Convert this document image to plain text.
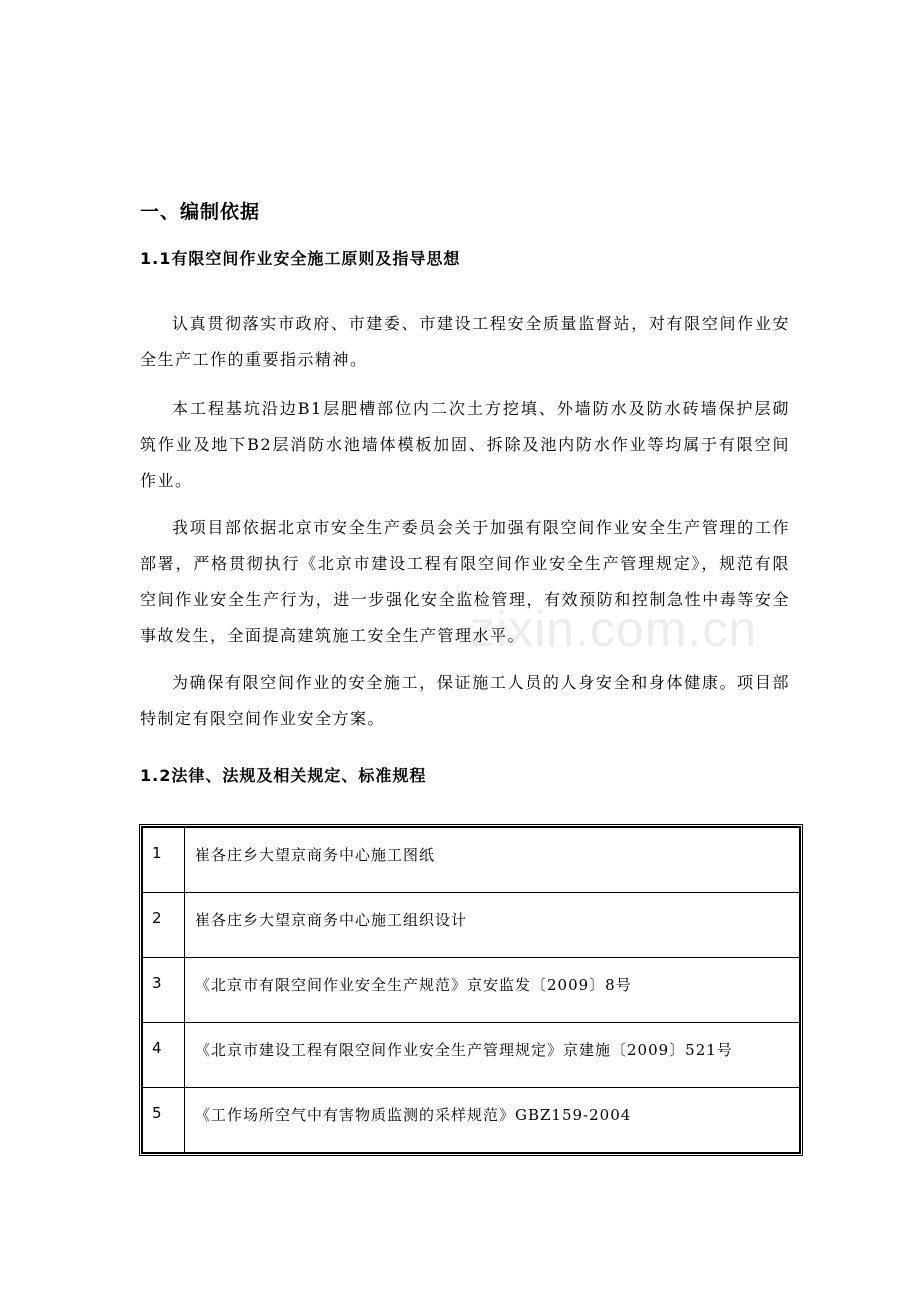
一、编制依据
1.1有限空间作业安全施工原则及指导思想

认真贯彻落实市政府、市建委、市建设工程安全质量监督站，对有限空间作业安全生产工作的重要指示精神。

本工程基坑沿边B1层肥槽部位内二次土方挖填、外墙防水及防水砖墙保护层砌筑作业及地下B2层消防水池墙体模板加固、拆除及池内防水作业等均属于有限空间作业。

我项目部依据北京市安全生产委员会关于加强有限空间作业安全生产管理的工作部署，严格贯彻执行《北京市建设工程有限空间作业安全生产管理规定》，规范有限空间作业安全生产行为，进一步强化安全监检管理，有效预防和控制急性中毒等安全事故发生，全面提高建筑施工安全生产管理水平。

为确保有限空间作业的安全施工，保证施工人员的人身安全和身体健康。项目部特制定有限空间作业安全方案。

zixin.com.cn
1.2法律、法规及相关规定、标准规程
1	崔各庄乡大望京商务中心施工图纸
2	崔各庄乡大望京商务中心施工组织设计
3	《北京市有限空间作业安全生产规范》京安监发〔2009〕8号
4	《北京市建设工程有限空间作业安全生产管理规定》京建施〔2009〕521号
5	《工作场所空气中有害物质监测的采样规范》GBZ159-2004
